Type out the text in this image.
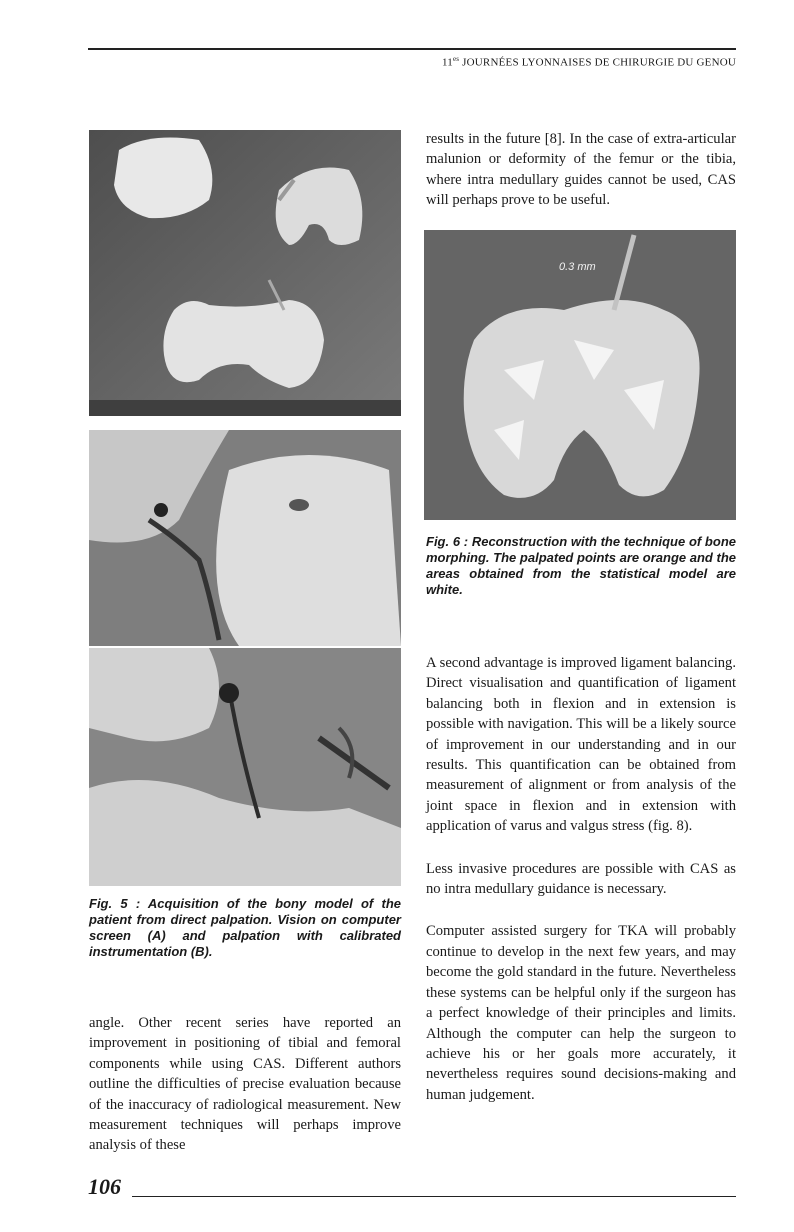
$11^{es}$ JOURNÉES LYONNAISES DE CHIRURGIE DU GENOU
Fig. 5 : Acquisition of the bony model of the patient from direct palpation. Vision on computer screen (A) and palpation with calibrated instrumentation (B).

angle. Other recent series have reported an improvement in positioning of tibial and femoral components while using CAS. Different authors outline the difficulties of precise evaluation because of the inaccuracy of radiological measurement. New measurement techniques will perhaps improve analysis of these

results in the future [8]. In the case of extra-articular malunion or deformity of the femur or the tibia, where intra medullary guides cannot be used, CAS will perhaps prove to be useful.

0.3 mm
Fig. 6 : Reconstruction with the technique of bone morphing. The palpated points are orange and the areas obtained from the statistical model are white.

A second advantage is improved ligament balancing. Direct visualisation and quantification of ligament balancing both in flexion and in extension is possible with navigation. This will be a likely source of improvement in our understanding and in our results. This quantification can be obtained from measurement of alignment or from analysis of the joint space in flexion and in extension with application of varus and valgus stress (fig. 8).

Less invasive procedures are possible with CAS as no intra medullary guidance is necessary.

Computer assisted surgery for TKA will probably continue to develop in the next few years, and may become the gold standard in the future. Nevertheless these systems can be helpful only if the surgeon has a perfect knowledge of their principles and limits. Although the computer can help the surgeon to achieve his or her goals more accurately, it nevertheless requires sound decisions-making and human judgement.

106
